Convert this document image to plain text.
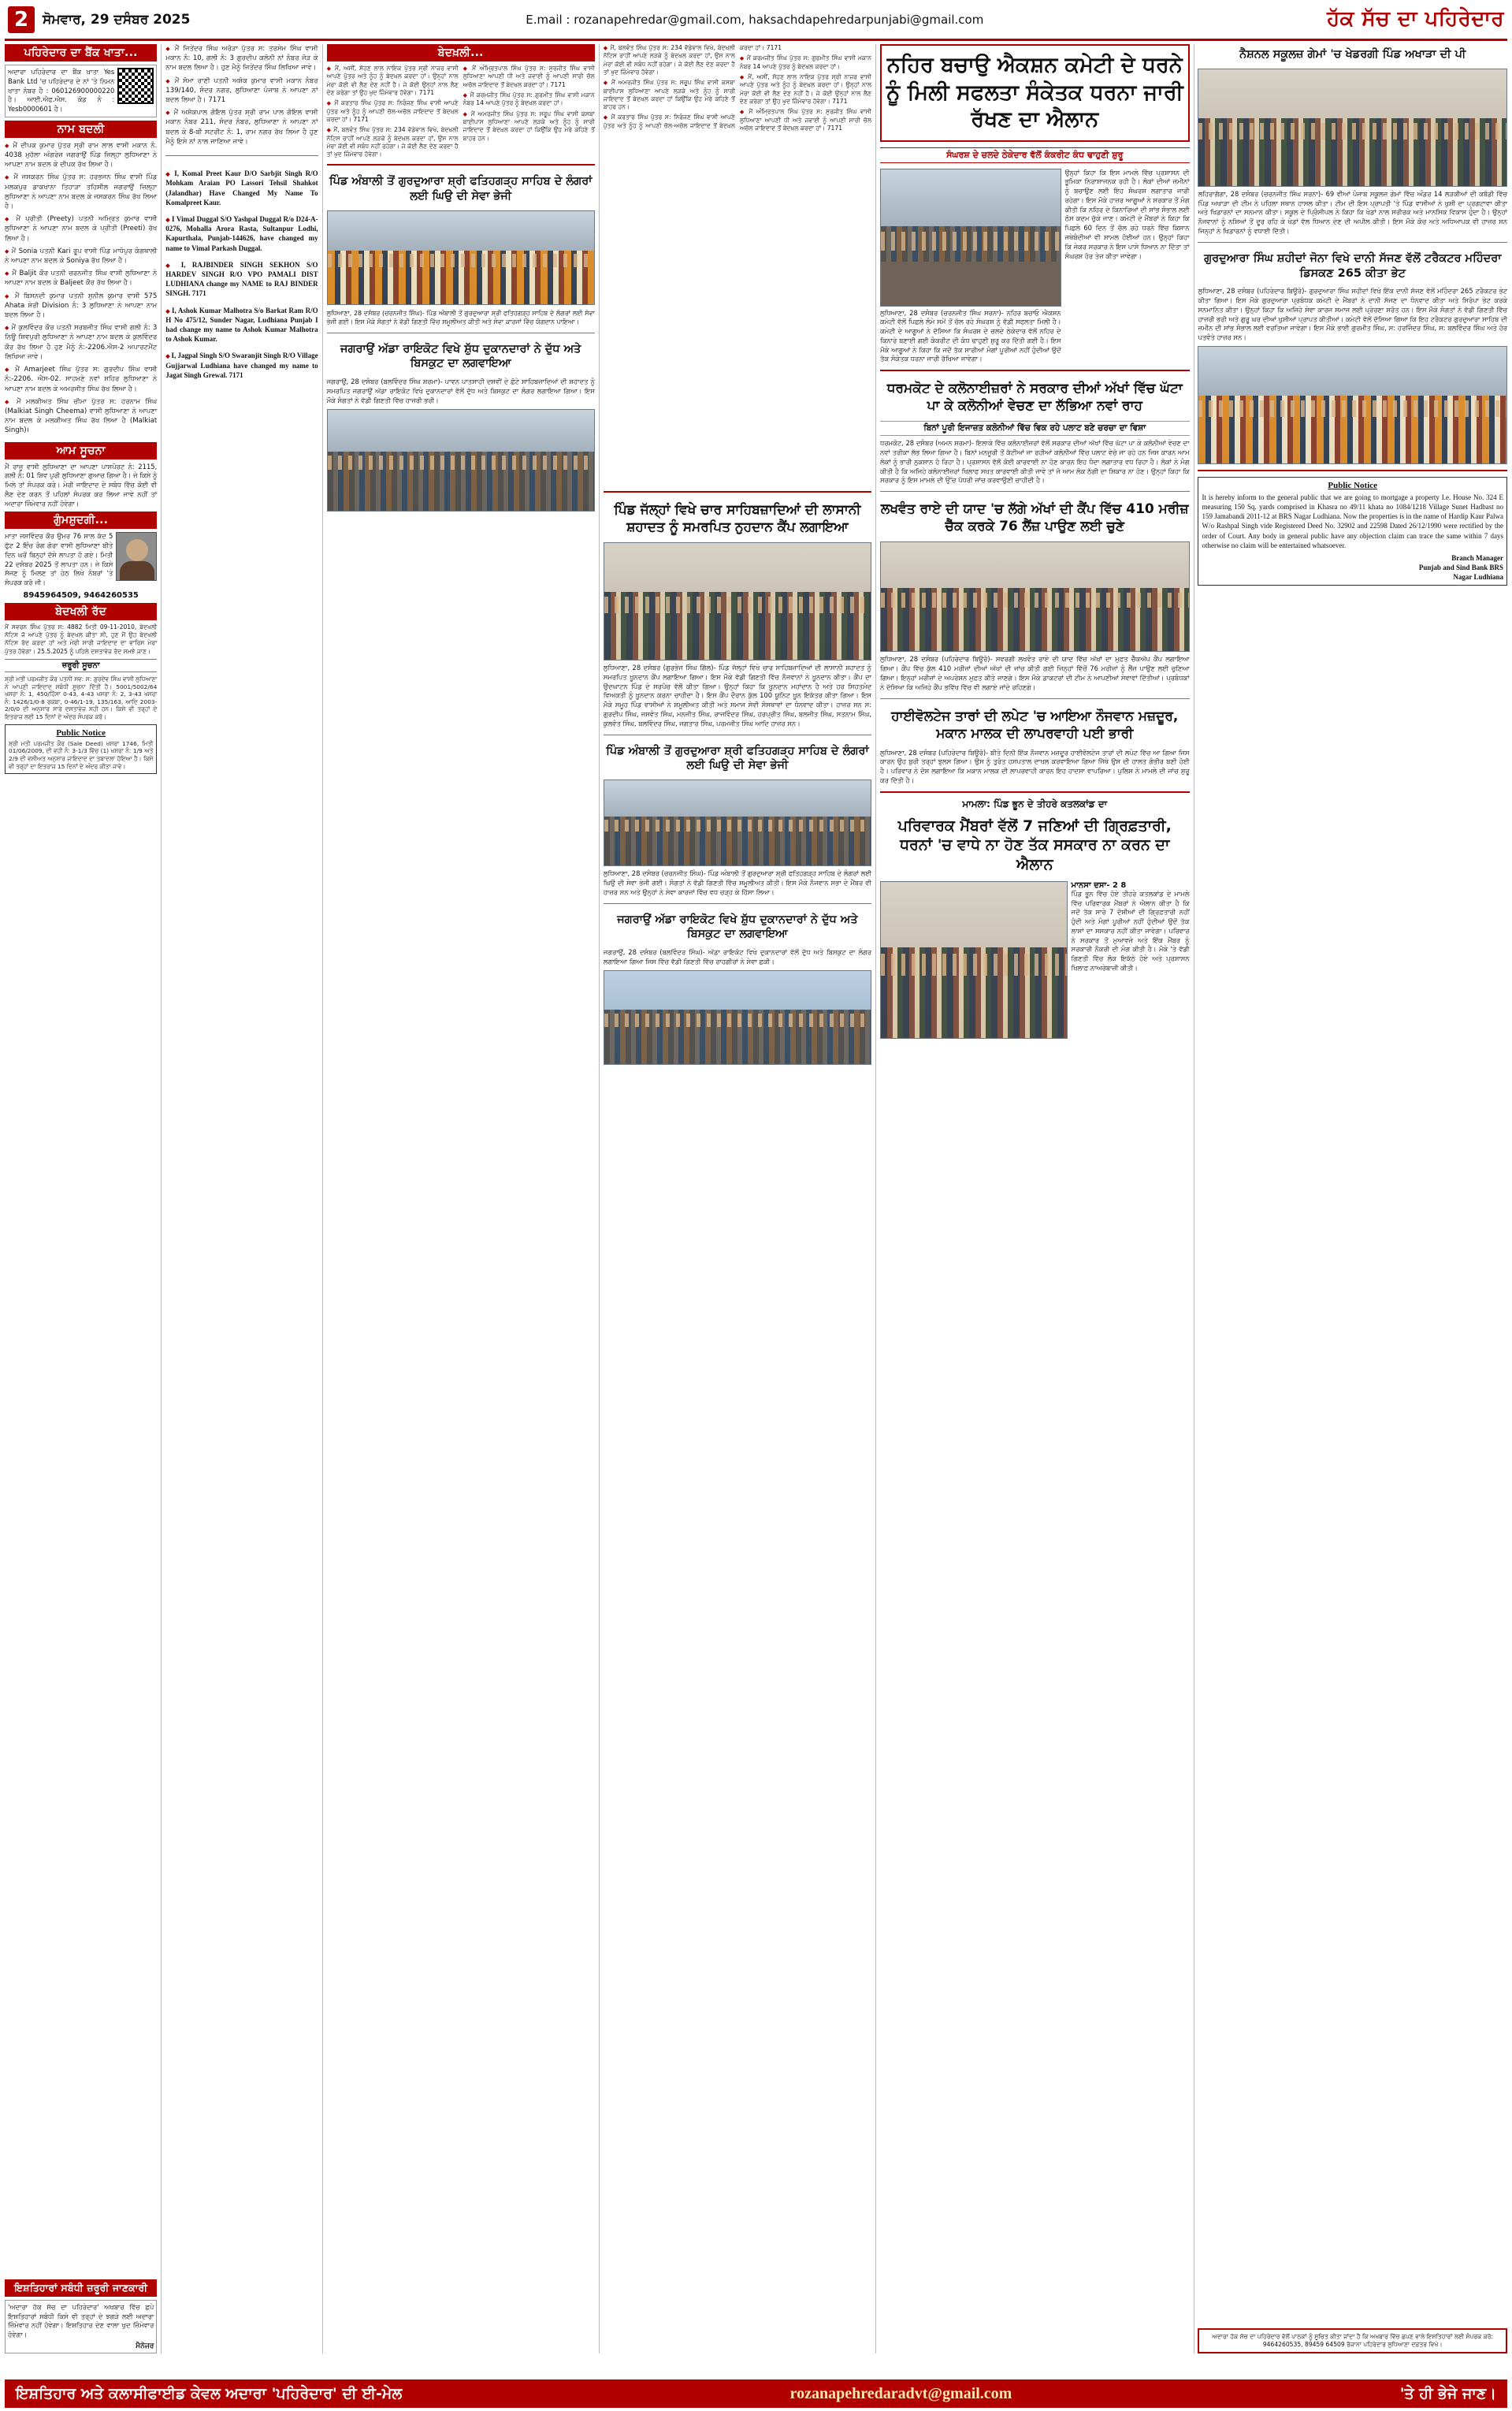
2	ਸੋਮਵਾਰ, 29 ਦਸੰਬਰ 2025	E.mail : rozanapehredar@gmail.com, haksachdapehredarpunjabi@gmail.com	ਹੱਕ ਸੱਚ ਦਾ ਪਹਿਰੇਦਾਰ
ਪਹਿਰੇਦਾਰ ਦਾ ਬੈਂਕ ਖਾਤਾ...
ਅਦਾਰਾ ਪਹਿਰੇਦਾਰ ਦਾ ਬੈਂਕ ਖਾਤਾ Yes Bank Ltd 'ਚ ਪਹਿਰੇਦਾਰ ਦੇ ਨਾਂ 'ਤੇ ਨਿਮਨ ਖਾਤਾ ਨੰਬਰ ਹੈ : 060126900000220 ਹੈ। ਆਈ.ਐਫ.ਐਸ. ਕੋਡ ਨੰ : Yesb0000601 ਹੈ।
ਨਾਮ ਬਦਲੀ

◆ ਮੈਂ ਦੀਪਕ ਕੁਮਾਰ ਪੁੱਤਰ ਸ੍ਰੀ ਰਾਮ ਲਾਲ ਵਾਸੀ ਮਕਾਨ ਨੰ. 4038 ਮੁਹੱਲਾ ਅੰਗਰੇਜ਼ ਜਗਰਾਉਂ ਪਿੰਡ ਜ਼ਿਲ੍ਹਾ ਲੁਧਿਆਣਾ ਨੇ ਆਪਣਾ ਨਾਮ ਬਦਲ ਕੇ ਦੀਪਕ ਰੱਖ ਲਿਆ ਹੈ।

◆ ਮੈਂ ਜਸਕਰਨ ਸਿੰਘ ਪੁੱਤਰ ਸ: ਹਰਭਜਨ ਸਿੰਘ ਵਾਸੀ ਪਿੰਡ ਮਲਕਪੁਰ ਡਾਕਖਾਨਾ ਤਿਹਾੜਾ ਤਹਿਸੀਲ ਜਗਰਾਉਂ ਜ਼ਿਲ੍ਹਾ ਲੁਧਿਆਣਾ ਨੇ ਆਪਣਾ ਨਾਮ ਬਦਲ ਕੇ ਜਸਕਰਨ ਸਿੰਘ ਰੱਖ ਲਿਆ ਹੈ।

◆ ਮੈਂ ਪ੍ਰੀਤੀ (Preety) ਪਤਨੀ ਅਮ੍ਰਿਤ ਕੁਮਾਰ ਵਾਸੀ ਲੁਧਿਆਣਾ ਨੇ ਆਪਣਾ ਨਾਮ ਬਦਲ ਕੇ ਪ੍ਰੀਤੀ (Preeti) ਰੱਖ ਲਿਆ ਹੈ।

◆ ਮੈਂ Sonia ਪਤਨੀ Kari ਰੂਪ ਵਾਸੀ ਪਿੰਡ ਮਾਧੋਪੁਰ ਕੰਗਥਾਲੀ ਨੇ ਆਪਣਾ ਨਾਮ ਬਦਲ ਕੇ Soniya ਰੱਖ ਲਿਆ ਹੈ।

◆ ਮੈਂ Baljit ਕੌਰ ਪਤਨੀ ਚਰਨਜੀਤ ਸਿੰਘ ਵਾਸੀ ਲੁਧਿਆਣਾ ਨੇ ਆਪਣਾ ਨਾਮ ਬਦਲ ਕੇ Baljeet ਕੌਰ ਰੱਖ ਲਿਆ ਹੈ।

◆ ਮੈਂ ਬਿਸਨਦੀ ਕੁਮਾਰ ਪਤਨੀ ਸੁਨੀਲ ਕੁਮਾਰ ਵਾਸੀ 575 Ahata ਸ਼ੇਰੀ Division ਨੰ: 3 ਲੁਧਿਆਣਾ ਨੇ ਆਪਣਾ ਨਾਮ ਬਦਲ ਲਿਆ ਹੈ।

◆ ਮੈਂ ਕੁਲਵਿੰਦਰ ਕੌਰ ਪਤਨੀ ਸਰਬਜੀਤ ਸਿੰਘ ਵਾਸੀ ਗਲੀ ਨੰ: 3 ਨਿਊ ਸ਼ਿਵਪੁਰੀ ਲੁਧਿਆਣਾ ਨੇ ਆਪਣਾ ਨਾਮ ਬਦਲ ਕੇ ਕੁਲਵਿੰਦਰ ਕੌਰ ਰੱਖ ਲਿਆ ਹੈ ਹੁਣ ਮੈਨੂੰ ਨੰ:-2206.ਐਸ-2 ਅਪਾਰਟਮੈਂਟ ਲਿਖਿਆ ਜਾਵੇ।

◆ ਮੈਂ Amarjeet ਸਿੰਘ ਪੁੱਤਰ ਸ: ਗੁਰਦੀਪ ਸਿੰਘ ਵਾਸੀ ਨੰ:-2206. ਐਸ-02. ਸਾਹਮਣੇ ਨਵਾਂ ਸ਼ਹਿਰ ਲੁਧਿਆਣਾ ਨੇ ਆਪਣਾ ਨਾਮ ਬਦਲ ਕੇ ਅਮਰਜੀਤ ਸਿੰਘ ਰੱਖ ਲਿਆ ਹੈ।

◆ ਮੈਂ ਮਲਕੀਅਤ ਸਿੰਘ ਚੀਮਾ ਪੁੱਤਰ ਸ: ਹਰਨਾਮ ਸਿੰਘ (Malkiat Singh Cheema) ਵਾਸੀ ਲੁਧਿਆਣਾ ਨੇ ਆਪਣਾ ਨਾਮ ਬਦਲ ਕੇ ਮਲਕੀਅਤ ਸਿੰਘ ਰੱਖ ਲਿਆ ਹੈ (Malkiat Singh)।

ਆਮ ਸੂਚਨਾ
ਮੈਂ ਰਾਜੂ ਵਾਸੀ ਲੁਧਿਆਣਾ ਦਾ ਆਪਣਾ ਪਾਸਪੋਰਟ ਨੰ: 2115, ਗਲੀ ਨੰ: 01 ਸ਼ਿਵ ਪੁਰੀ ਲੁਧਿਆਣਾ ਗੁਆਚ ਗਿਆ ਹੈ। ਜੇ ਕਿਸੇ ਨੂੰ ਮਿਲੇ ਤਾਂ ਸੰਪਰਕ ਕਰੇ। ਮੇਰੀ ਜਾਇਦਾਦ ਦੇ ਸਬੰਧ ਵਿੱਚ ਕੋਈ ਵੀ ਲੈਣ ਦੇਣ ਕਰਨ ਤੋਂ ਪਹਿਲਾਂ ਸੰਪਰਕ ਕਰ ਲਿਆ ਜਾਵੇ ਨਹੀਂ ਤਾਂ ਅਦਾਰਾ ਜ਼ਿੰਮੇਵਾਰ ਨਹੀਂ ਹੋਵੇਗਾ।
ਗੁੰਮਸ਼ੁਦਗੀ...
ਮਾਤਾ ਜਸਵਿੰਦਰ ਕੌਰ ਉਮਰ 76 ਸਾਲ ਕੱਦ 5 ਫੁੱਟ 2 ਇੰਚ ਰੰਗ ਗੋਰਾ ਵਾਸੀ ਲੁਧਿਆਣਾ ਬੀਤੇ ਦਿਨ ਘਰੋਂ ਬਿਨ੍ਹਾਂ ਦੱਸੇ ਲਾਪਤਾ ਹੋ ਗਏ। ਮਿਤੀ 22 ਦਸੰਬਰ 2025 ਤੋਂ ਲਾਪਤਾ ਹਨ। ਜੇ ਕਿਸੇ ਸੱਜਣ ਨੂੰ ਮਿਲਣ ਤਾਂ ਹੇਠ ਲਿਖੇ ਨੰਬਰਾਂ 'ਤੇ ਸੰਪਰਕ ਕਰੋ ਜੀ।
8945964509, 9464260535
ਬੇਦਖਲੀ ਰੱਦ
ਮੈਂ ਸਵਰਨ ਸਿੰਘ ਪੁੱਤਰ ਸ: 4882 ਮਿਤੀ 09-11-2010, ਬੇਦਖਲੀ ਨੋਟਿਸ ਜੋ ਆਪਣੇ ਪੁੱਤਰ ਨੂੰ ਬੇਦਖਲ ਕੀਤਾ ਸੀ, ਹੁਣ ਮੈਂ ਉਹ ਬੇਦਖਲੀ ਨੋਟਿਸ ਰੱਦ ਕਰਦਾ ਹਾਂ ਅਤੇ ਮੇਰੀ ਸਾਰੀ ਜਾਇਦਾਦ ਦਾ ਵਾਰਿਸ ਮੇਰਾ ਪੁੱਤਰ ਹੋਵੇਗਾ। 25.5.2025 ਨੂੰ ਪਹਿਲੇ ਦਸਤਾਵੇਜ਼ ਰੱਦ ਸਮਝੇ ਜਾਣ।
ਜ਼ਰੂਰੀ ਸੂਚਨਾ
ਸ਼੍ਰੀ ਮਤੀ ਪਰਮਜੀਤ ਕੌਰ ਪਤਨੀ ਸਵ: ਸ: ਗੁਰਦੇਵ ਸਿੰਘ ਵਾਸੀ ਲੁਧਿਆਣਾ ਨੇ ਆਪਣੀ ਜਾਇਦਾਦ ਸਬੰਧੀ ਸੂਚਨਾ ਦਿੱਤੀ ਹੈ। 5001/5002/64 ਖਸਰਾ ਨੰ: 1, 450/ਹਿੱਸਾ 0-43, 4-43 ਖਸਰਾ ਨੰ: 2, 3-43 ਖਸਰਾ ਨੰ: 1426/1/0-8 ਰਕਬਾ, 0-46/1-19, 135/163, ਆਦਿ 2003-2/0/0 ਦੀ ਅਨੁਸਾਰ ਸਾਰੇ ਦਸਤਾਵੇਜ਼ ਸਹੀ ਹਨ। ਕਿਸੇ ਵੀ ਤਰ੍ਹਾਂ ਦੇ ਇਤਰਾਜ਼ ਲਈ 15 ਦਿਨਾਂ ਦੇ ਅੰਦਰ ਸੰਪਰਕ ਕਰੋ।
Public Notice
ਸ਼੍ਰੀ ਮਤੀ ਪਰਮਜੀਤ ਕੌਰ (Sale Deed) ਖਸਰਾ 1746, ਮਿਤੀ 01/06/2009, ਦੀ ਵਹੀ ਨੰ: 3-1/3 ਵਿੱਚ (1) ਖਸਰਾ ਨੰ: 1/9 ਅਤੇ 2/9 ਦੀ ਵਸੀਅਤ ਅਨੁਸਾਰ ਜਾਇਦਾਦ ਦਾ ਤਬਾਦਲਾ ਹੋਇਆ ਹੈ। ਕਿਸੇ ਵੀ ਤਰ੍ਹਾਂ ਦਾ ਇਤਰਾਜ਼ 15 ਦਿਨਾਂ ਦੇ ਅੰਦਰ ਕੀਤਾ ਜਾਵੇ।
ਇਸ਼ਤਿਹਾਰਾਂ ਸਬੰਧੀ ਜ਼ਰੂਰੀ ਜਾਣਕਾਰੀ
'ਅਦਾਰਾ ਹੱਕ ਸੱਚ ਦਾ ਪਹਿਰੇਦਾਰ' ਅਖਬਾਰ ਵਿੱਚ ਛਪੇ ਇਸ਼ਤਿਹਾਰਾਂ ਸਬੰਧੀ ਕਿਸੇ ਵੀ ਤਰ੍ਹਾਂ ਦੇ ਝਗੜੇ ਲਈ ਅਦਾਰਾ ਜ਼ਿੰਮੇਵਾਰ ਨਹੀਂ ਹੋਵੇਗਾ। ਇਸ਼ਤਿਹਾਰ ਦੇਣ ਵਾਲਾ ਖੁਦ ਜ਼ਿੰਮੇਵਾਰ ਹੋਵੇਗਾ।
ਮੈਨੇਜਰ

◆ ਮੈਂ ਜਿਤੇਂਦਰ ਸਿੰਘ ਅਰੋੜਾ ਪੁੱਤਰ ਸ: ਤਰਸੇਮ ਸਿੰਘ ਵਾਸੀ ਮਕਾਨ ਨੰ: 10, ਗਲੀ ਨੰ: 3 ਗੁਰਦੀਪ ਕਲੋਨੀ ਨਾਂ ਨੰਬਰ ਜੋੜ ਕੇ ਨਾਮ ਬਦਲ ਲਿਆ ਹੈ। ਹੁਣ ਮੈਨੂੰ ਜਿਤੇਂਦਰ ਸਿੰਘ ਲਿਖਿਆ ਜਾਵੇ।

◆ ਮੈਂ ਸੋਮਾ ਰਾਣੀ ਪਤਨੀ ਅਸ਼ੋਕ ਕੁਮਾਰ ਵਾਸੀ ਮਕਾਨ ਨੰਬਰ 139/140, ਸੰਦਰ ਨਗਰ, ਲੁਧਿਆਣਾ ਪੰਜਾਬ ਨੇ ਆਪਣਾ ਨਾਂ ਬਦਲ ਲਿਆ ਹੈ। 7171

◆ ਮੈਂ ਅਸ਼ੋਕਪਾਲ ਗੋਇਲ ਪੁੱਤਰ ਸ਼੍ਰੀ ਰਾਮ ਪਾਲ ਗੋਇਲ ਵਾਸੀ ਮਕਾਨ ਨੰਬਰ 211, ਸੰਦਰ ਨੰਬਰ, ਲੁਧਿਆਣਾ ਨੇ ਆਪਣਾ ਨਾਂ ਬਦਲ ਕੇ 8-ਬੀ ਸਟਰੀਟ ਨੰ: 1, ਰਾਮ ਨਗਰ ਰੱਖ ਲਿਆ ਹੈ ਹੁਣ ਮੈਨੂੰ ਇਸੇ ਨਾਂ ਨਾਲ ਜਾਣਿਆ ਜਾਵੇ।

◆ I, Komal Preet Kaur D/O Sarbjit Singh R/O Mohkam Araian PO Lassori Tehsil Shahkot (Jalandhar) Have Changed My Name To Komalpreet Kaur.

◆ I Vimal Duggal S/O Yashpal Duggal R/o D24-A-0276, Mohalla Arora Rasta, Sultanpur Lodhi, Kapurthala, Punjab-144626, have changed my name to Vimal Parkash Duggal.

◆ I, RAJBINDER SINGH SEKHON S/O HARDEV SINGH R/O VPO PAMALI DIST LUDHIANA change my NAME to RAJ BINDER SINGH. 7171

◆ I, Ashok Kumar Malhotra S/o Barkat Ram R/O H No 475/12, Sunder Nagar, Ludhiana Punjab I had change my name to Ashok Kumar Malhotra to Ashok Kumar.

◆ I, Jagpal Singh S/O Swaranjit Singh R/O Village Gujjarwal Ludhiana have changed my name to Jagat Singh Grewal. 7171

ਬੇਦਖ਼ਲੀ...

◆ ਮੈਂ, ਅਸੀਂ, ਸੋਹਣ ਲਾਲ ਨਾਇਕ ਪੁੱਤਰ ਸ੍ਰੀ ਨਾਜਰ ਵਾਸੀ ਆਪਣੇ ਪੁੱਤਰ ਅਤੇ ਨੂੰਹ ਨੂੰ ਬੇਦਖ਼ਲ ਕਰਦਾ ਹਾਂ। ਉਨ੍ਹਾਂ ਨਾਲ ਮੇਰਾ ਕੋਈ ਵੀ ਲੈਣ ਦੇਣ ਨਹੀਂ ਹੈ। ਜੇ ਕੋਈ ਉਨ੍ਹਾਂ ਨਾਲ ਲੈਣ ਦੇਣ ਕਰੇਗਾ ਤਾਂ ਉਹ ਖੁਦ ਜ਼ਿੰਮੇਵਾਰ ਹੋਵੇਗਾ। 7171

◆ ਮੈਂ ਕਰਤਾਰ ਸਿੰਘ ਪੁੱਤਰ ਸ: ਨਿਰੰਜਣ ਸਿੰਘ ਵਾਸੀ ਆਪਣੇ ਪੁੱਤਰ ਅਤੇ ਨੂੰਹ ਨੂੰ ਆਪਣੀ ਚੱਲ-ਅਚੱਲ ਜਾਇਦਾਦ ਤੋਂ ਬੇਦਖ਼ਲ ਕਰਦਾ ਹਾਂ। 7171

◆ ਮੈਂ, ਬਲਵੰਤ ਸਿੰਘ ਪੁੱਤਰ ਸ: 234 ਵੱਡੇਵਾਲ ਵਿਖੇ, ਬੇਦਖ਼ਲੀ ਨੋਟਿਸ ਰਾਹੀਂ ਆਪਣੇ ਲੜਕੇ ਨੂੰ ਬੇਦਖ਼ਲ ਕਰਦਾ ਹਾਂ, ਉਸ ਨਾਲ ਮੇਰਾ ਕੋਈ ਵੀ ਸਬੰਧ ਨਹੀਂ ਰਹੇਗਾ। ਜੇ ਕੋਈ ਲੈਣ ਦੇਣ ਕਰਦਾ ਹੈ ਤਾਂ ਖੁਦ ਜ਼ਿੰਮੇਵਾਰ ਹੋਵੇਗਾ।

◆ ਮੈਂ ਅੰਮ੍ਰਿਤਪਾਲ ਸਿੰਘ ਪੁੱਤਰ ਸ: ਸੁਰਜੀਤ ਸਿੰਘ ਵਾਸੀ ਲੁਧਿਆਣਾ ਆਪਣੀ ਧੀ ਅਤੇ ਜਵਾਈ ਨੂੰ ਆਪਣੀ ਸਾਰੀ ਚੱਲ ਅਚੱਲ ਜਾਇਦਾਦ ਤੋਂ ਬੇਦਖ਼ਲ ਕਰਦਾ ਹਾਂ। 7171

◆ ਮੈਂ ਕਰਮਜੀਤ ਸਿੰਘ ਪੁੱਤਰ ਸ: ਗੁਰਮੀਤ ਸਿੰਘ ਵਾਸੀ ਮਕਾਨ ਨੰਬਰ 14 ਆਪਣੇ ਪੁੱਤਰ ਨੂੰ ਬੇਦਖ਼ਲ ਕਰਦਾ ਹਾਂ।

◆ ਮੈਂ ਅਮਰਜੀਤ ਸਿੰਘ ਪੁੱਤਰ ਸ: ਸਰੂਪ ਸਿੰਘ ਵਾਸੀ ਕਸਬਾ ਬਾਈਪਾਸ ਲੁਧਿਆਣਾ ਆਪਣੇ ਲੜਕੇ ਅਤੇ ਨੂੰਹ ਨੂੰ ਸਾਰੀ ਜਾਇਦਾਦ ਤੋਂ ਬੇਦਖ਼ਲ ਕਰਦਾ ਹਾਂ ਕਿਉਂਕਿ ਉਹ ਮੇਰੇ ਕਹਿਣੇ ਤੋਂ ਬਾਹਰ ਹਨ।

ਪਿੰਡ ਅੰਬਾਲੀ ਤੋਂ ਗੁਰਦੁਆਰਾ ਸ਼੍ਰੀ ਫਤਿਹਗੜ੍ਹ ਸਾਹਿਬ ਦੇ ਲੰਗਰਾਂ ਲਈ ਘਿਉ ਦੀ ਸੇਵਾ ਭੇਜੀ
ਲੁਧਿਆਣਾ, 28 ਦਸੰਬਰ (ਚਰਨਜੀਤ ਸਿੰਘ)- ਪਿੰਡ ਅੰਬਾਲੀ ਤੋਂ ਗੁਰਦੁਆਰਾ ਸ਼੍ਰੀ ਫਤਿਹਗੜ੍ਹ ਸਾਹਿਬ ਦੇ ਲੰਗਰਾਂ ਲਈ ਸੇਵਾ ਭੇਜੀ ਗਈ। ਇਸ ਮੌਕੇ ਸੰਗਤਾਂ ਨੇ ਵੱਡੀ ਗਿਣਤੀ ਵਿੱਚ ਸ਼ਮੂਲੀਅਤ ਕੀਤੀ ਅਤੇ ਸੇਵਾ ਕਾਰਜਾਂ ਵਿੱਚ ਯੋਗਦਾਨ ਪਾਇਆ।
ਜਗਰਾਉਂ ਅੱਡਾ ਰਾਇਕੋਟ ਵਿਖੇ ਸ਼ੁੱਧ ਦੁਕਾਨਦਾਰਾਂ ਨੇ ਦੁੱਧ ਅਤੇ ਬਿਸਕੁਟ ਦਾ ਲਗਵਾਇਆ
ਜਗਰਾਉਂ, 28 ਦਸੰਬਰ (ਬਲਵਿੰਦਰ ਸਿੰਘ ਸ਼ਰਮਾ)- ਪਾਵਨ ਪਾਤਸ਼ਾਹੀ ਦਸਵੀਂ ਦੇ ਛੋਟੇ ਸਾਹਿਬਜ਼ਾਦਿਆਂ ਦੀ ਸ਼ਹਾਦਤ ਨੂੰ ਸਮਰਪਿਤ ਜਗਰਾਉਂ ਅੱਡਾ ਰਾਇਕੋਟ ਵਿਖੇ ਦੁਕਾਨਦਾਰਾਂ ਵੱਲੋਂ ਦੁੱਧ ਅਤੇ ਬਿਸਕੁਟ ਦਾ ਲੰਗਰ ਲਗਾਇਆ ਗਿਆ। ਇਸ ਮੌਕੇ ਸੰਗਤਾਂ ਨੇ ਵੱਡੀ ਗਿਣਤੀ ਵਿੱਚ ਹਾਜ਼ਰੀ ਭਰੀ।

◆ ਮੈਂ, ਬਲਵੰਤ ਸਿੰਘ ਪੁੱਤਰ ਸ: 234 ਵੱਡੇਵਾਲ ਵਿਖੇ, ਬੇਦਖ਼ਲੀ ਨੋਟਿਸ ਰਾਹੀਂ ਆਪਣੇ ਲੜਕੇ ਨੂੰ ਬੇਦਖ਼ਲ ਕਰਦਾ ਹਾਂ, ਉਸ ਨਾਲ ਮੇਰਾ ਕੋਈ ਵੀ ਸਬੰਧ ਨਹੀਂ ਰਹੇਗਾ। ਜੇ ਕੋਈ ਲੈਣ ਦੇਣ ਕਰਦਾ ਹੈ ਤਾਂ ਖੁਦ ਜ਼ਿੰਮੇਵਾਰ ਹੋਵੇਗਾ।

◆ ਮੈਂ ਅਮਰਜੀਤ ਸਿੰਘ ਪੁੱਤਰ ਸ: ਸਰੂਪ ਸਿੰਘ ਵਾਸੀ ਕਸਬਾ ਬਾਈਪਾਸ ਲੁਧਿਆਣਾ ਆਪਣੇ ਲੜਕੇ ਅਤੇ ਨੂੰਹ ਨੂੰ ਸਾਰੀ ਜਾਇਦਾਦ ਤੋਂ ਬੇਦਖ਼ਲ ਕਰਦਾ ਹਾਂ ਕਿਉਂਕਿ ਉਹ ਮੇਰੇ ਕਹਿਣੇ ਤੋਂ ਬਾਹਰ ਹਨ।

◆ ਮੈਂ ਕਰਤਾਰ ਸਿੰਘ ਪੁੱਤਰ ਸ: ਨਿਰੰਜਣ ਸਿੰਘ ਵਾਸੀ ਆਪਣੇ ਪੁੱਤਰ ਅਤੇ ਨੂੰਹ ਨੂੰ ਆਪਣੀ ਚੱਲ-ਅਚੱਲ ਜਾਇਦਾਦ ਤੋਂ ਬੇਦਖ਼ਲ ਕਰਦਾ ਹਾਂ। 7171

◆ ਮੈਂ ਕਰਮਜੀਤ ਸਿੰਘ ਪੁੱਤਰ ਸ: ਗੁਰਮੀਤ ਸਿੰਘ ਵਾਸੀ ਮਕਾਨ ਨੰਬਰ 14 ਆਪਣੇ ਪੁੱਤਰ ਨੂੰ ਬੇਦਖ਼ਲ ਕਰਦਾ ਹਾਂ।

◆ ਮੈਂ, ਅਸੀਂ, ਸੋਹਣ ਲਾਲ ਨਾਇਕ ਪੁੱਤਰ ਸ੍ਰੀ ਨਾਜਰ ਵਾਸੀ ਆਪਣੇ ਪੁੱਤਰ ਅਤੇ ਨੂੰਹ ਨੂੰ ਬੇਦਖ਼ਲ ਕਰਦਾ ਹਾਂ। ਉਨ੍ਹਾਂ ਨਾਲ ਮੇਰਾ ਕੋਈ ਵੀ ਲੈਣ ਦੇਣ ਨਹੀਂ ਹੈ। ਜੇ ਕੋਈ ਉਨ੍ਹਾਂ ਨਾਲ ਲੈਣ ਦੇਣ ਕਰੇਗਾ ਤਾਂ ਉਹ ਖੁਦ ਜ਼ਿੰਮੇਵਾਰ ਹੋਵੇਗਾ। 7171

◆ ਮੈਂ ਅੰਮ੍ਰਿਤਪਾਲ ਸਿੰਘ ਪੁੱਤਰ ਸ: ਸੁਰਜੀਤ ਸਿੰਘ ਵਾਸੀ ਲੁਧਿਆਣਾ ਆਪਣੀ ਧੀ ਅਤੇ ਜਵਾਈ ਨੂੰ ਆਪਣੀ ਸਾਰੀ ਚੱਲ ਅਚੱਲ ਜਾਇਦਾਦ ਤੋਂ ਬੇਦਖ਼ਲ ਕਰਦਾ ਹਾਂ। 7171

ਪਿੰਡ ਜੱਲ੍ਹਾਂ ਵਿਖੇ ਚਾਰ ਸਾਹਿਬਜ਼ਾਦਿਆਂ ਦੀ ਲਾਸਾਨੀ ਸ਼ਹਾਦਤ ਨੂੰ ਸਮਰਪਿਤ ਨੁਹਦਾਨ ਕੈਂਪ ਲਗਾਇਆ
ਲੁਧਿਆਣਾ, 28 ਦਸੰਬਰ (ਗੁਰਭੇਜ ਸਿੰਘ ਗਿੱਲ)- ਪਿੰਡ ਜੱਲ੍ਹਾਂ ਵਿਖੇ ਚਾਰ ਸਾਹਿਬਜ਼ਾਦਿਆਂ ਦੀ ਲਾਸਾਨੀ ਸ਼ਹਾਦਤ ਨੂੰ ਸਮਰਪਿਤ ਖ਼ੂਨਦਾਨ ਕੈਂਪ ਲਗਾਇਆ ਗਿਆ। ਇਸ ਮੌਕੇ ਵੱਡੀ ਗਿਣਤੀ ਵਿੱਚ ਨੌਜਵਾਨਾਂ ਨੇ ਖ਼ੂਨਦਾਨ ਕੀਤਾ। ਕੈਂਪ ਦਾ ਉਦਘਾਟਨ ਪਿੰਡ ਦੇ ਸਰਪੰਚ ਵੱਲੋਂ ਕੀਤਾ ਗਿਆ। ਉਨ੍ਹਾਂ ਕਿਹਾ ਕਿ ਖ਼ੂਨਦਾਨ ਮਹਾਂਦਾਨ ਹੈ ਅਤੇ ਹਰ ਸਿਹਤਮੰਦ ਵਿਅਕਤੀ ਨੂੰ ਖ਼ੂਨਦਾਨ ਕਰਨਾ ਚਾਹੀਦਾ ਹੈ। ਇਸ ਕੈਂਪ ਦੌਰਾਨ ਕੁੱਲ 100 ਯੂਨਿਟ ਖ਼ੂਨ ਇਕੱਤਰ ਕੀਤਾ ਗਿਆ। ਇਸ ਮੌਕੇ ਸਮੂਹ ਪਿੰਡ ਵਾਸੀਆਂ ਨੇ ਸ਼ਮੂਲੀਅਤ ਕੀਤੀ ਅਤੇ ਸਮਾਜ ਸੇਵੀ ਸੰਸਥਾਵਾਂ ਦਾ ਧੰਨਵਾਦ ਕੀਤਾ। ਹਾਜ਼ਰ ਸਨ ਸ: ਗੁਰਦੀਪ ਸਿੰਘ, ਜਸਵੰਤ ਸਿੰਘ, ਮਨਜੀਤ ਸਿੰਘ, ਰਾਜਵਿੰਦਰ ਸਿੰਘ, ਹਰਪ੍ਰੀਤ ਸਿੰਘ, ਬਲਜੀਤ ਸਿੰਘ, ਸਤਨਾਮ ਸਿੰਘ, ਕੁਲਵੰਤ ਸਿੰਘ, ਬਲਵਿੰਦਰ ਸਿੰਘ, ਜਗਤਾਰ ਸਿੰਘ, ਪਰਮਜੀਤ ਸਿੰਘ ਆਦਿ ਹਾਜ਼ਰ ਸਨ।
ਪਿੰਡ ਅੰਬਾਲੀ ਤੋਂ ਗੁਰਦੁਆਰਾ ਸ਼੍ਰੀ ਫਤਿਹਗੜ੍ਹ ਸਾਹਿਬ ਦੇ ਲੰਗਰਾਂ ਲਈ ਘਿਉ ਦੀ ਸੇਵਾ ਭੇਜੀ
ਲੁਧਿਆਣਾ, 28 ਦਸੰਬਰ (ਚਰਨਜੀਤ ਸਿੰਘ)- ਪਿੰਡ ਅੰਬਾਲੀ ਤੋਂ ਗੁਰਦੁਆਰਾ ਸ਼੍ਰੀ ਫਤਿਹਗੜ੍ਹ ਸਾਹਿਬ ਦੇ ਲੰਗਰਾਂ ਲਈ ਘਿਉ ਦੀ ਸੇਵਾ ਭੇਜੀ ਗਈ। ਸੰਗਤਾਂ ਨੇ ਵੱਡੀ ਗਿਣਤੀ ਵਿੱਚ ਸ਼ਮੂਲੀਅਤ ਕੀਤੀ। ਇਸ ਮੌਕੇ ਨੌਜਵਾਨ ਸਭਾ ਦੇ ਮੈਂਬਰ ਵੀ ਹਾਜ਼ਰ ਸਨ ਅਤੇ ਉਨ੍ਹਾਂ ਨੇ ਸੇਵਾ ਕਾਰਜਾਂ ਵਿੱਚ ਵਧ ਚੜ੍ਹ ਕੇ ਹਿੱਸਾ ਲਿਆ।
ਜਗਰਾਉਂ ਅੱਡਾ ਰਾਇਕੋਟ ਵਿਖੇ ਸ਼ੁੱਧ ਦੁਕਾਨਦਾਰਾਂ ਨੇ ਦੁੱਧ ਅਤੇ ਬਿਸਕੁਟ ਦਾ ਲਗਵਾਇਆ
ਜਗਰਾਉਂ, 28 ਦਸੰਬਰ (ਬਲਵਿੰਦਰ ਸਿੰਘ)- ਅੱਡਾ ਰਾਇਕੋਟ ਵਿਖੇ ਦੁਕਾਨਦਾਰਾਂ ਵੱਲੋਂ ਦੁੱਧ ਅਤੇ ਬਿਸਕੁਟ ਦਾ ਲੰਗਰ ਲਗਾਇਆ ਗਿਆ ਜਿਸ ਵਿੱਚ ਵੱਡੀ ਗਿਣਤੀ ਵਿੱਚ ਰਾਹਗੀਰਾਂ ਨੇ ਸੇਵਾ ਛਕੀ।
ਨਹਿਰ ਬਚਾਉ ਐਕਸ਼ਨ ਕਮੇਟੀ ਦੇ ਧਰਨੇ ਨੂੰ ਮਿਲੀ ਸਫਲਤਾ ਸੰਕੇਤਕ ਧਰਨਾ ਜਾਰੀ ਰੱਖਣ ਦਾ ਐਲਾਨ
ਸੰਘਰਸ਼ ਦੇ ਚਲਦੇ ਠੇਕੇਦਾਰ ਵੱਲੋਂ ਕੰਕਰੀਟ ਕੰਧ ਢਾਹੁਣੀ ਸ਼ੁਰੂ
ਲੁਧਿਆਣਾ, 28 ਦਸੰਬਰ (ਚਰਨਜੀਤ ਸਿੰਘ ਸਰਨਾ)- ਨਹਿਰ ਬਚਾਓ ਐਕਸ਼ਨ ਕਮੇਟੀ ਵੱਲੋਂ ਪਿਛਲੇ ਲੰਮੇ ਸਮੇਂ ਤੋਂ ਚੱਲ ਰਹੇ ਸੰਘਰਸ਼ ਨੂੰ ਵੱਡੀ ਸਫਲਤਾ ਮਿਲੀ ਹੈ। ਕਮੇਟੀ ਦੇ ਆਗੂਆਂ ਨੇ ਦੱਸਿਆ ਕਿ ਸੰਘਰਸ਼ ਦੇ ਚਲਦੇ ਠੇਕੇਦਾਰ ਵੱਲੋਂ ਨਹਿਰ ਦੇ ਕਿਨਾਰੇ ਬਣਾਈ ਗਈ ਕੰਕਰੀਟ ਦੀ ਕੰਧ ਢਾਹੁਣੀ ਸ਼ੁਰੂ ਕਰ ਦਿੱਤੀ ਗਈ ਹੈ। ਇਸ ਮੌਕੇ ਆਗੂਆਂ ਨੇ ਕਿਹਾ ਕਿ ਜਦੋਂ ਤੱਕ ਸਾਰੀਆਂ ਮੰਗਾਂ ਪੂਰੀਆਂ ਨਹੀਂ ਹੁੰਦੀਆਂ ਉਦੋਂ ਤੱਕ ਸੰਕੇਤਕ ਧਰਨਾ ਜਾਰੀ ਰੱਖਿਆ ਜਾਵੇਗਾ।
ਉਨ੍ਹਾਂ ਕਿਹਾ ਕਿ ਇਸ ਮਾਮਲੇ ਵਿੱਚ ਪ੍ਰਸ਼ਾਸਨ ਦੀ ਭੂਮਿਕਾ ਨਿਰਾਸ਼ਾਜਨਕ ਰਹੀ ਹੈ। ਲੋਕਾਂ ਦੀਆਂ ਜ਼ਮੀਨਾਂ ਨੂੰ ਬਚਾਉਣ ਲਈ ਇਹ ਸੰਘਰਸ਼ ਲਗਾਤਾਰ ਜਾਰੀ ਰਹੇਗਾ। ਇਸ ਮੌਕੇ ਹਾਜ਼ਰ ਆਗੂਆਂ ਨੇ ਸਰਕਾਰ ਤੋਂ ਮੰਗ ਕੀਤੀ ਕਿ ਨਹਿਰ ਦੇ ਕਿਨਾਰਿਆਂ ਦੀ ਸਾਂਭ ਸੰਭਾਲ ਲਈ ਠੋਸ ਕਦਮ ਚੁੱਕੇ ਜਾਣ। ਕਮੇਟੀ ਦੇ ਮੈਂਬਰਾਂ ਨੇ ਕਿਹਾ ਕਿ ਪਿਛਲੇ 60 ਦਿਨ ਤੋਂ ਚੱਲ ਰਹੇ ਧਰਨੇ ਵਿੱਚ ਕਿਸਾਨ ਜਥੇਬੰਦੀਆਂ ਵੀ ਸ਼ਾਮਲ ਹੋਈਆਂ ਹਨ। ਉਨ੍ਹਾਂ ਕਿਹਾ ਕਿ ਜੇਕਰ ਸਰਕਾਰ ਨੇ ਇਸ ਪਾਸੇ ਧਿਆਨ ਨਾ ਦਿੱਤਾ ਤਾਂ ਸੰਘਰਸ਼ ਹੋਰ ਤੇਜ਼ ਕੀਤਾ ਜਾਵੇਗਾ।
ਧਰਮਕੋਟ ਦੇ ਕਲੋਨਾਈਜ਼ਰਾਂ ਨੇ ਸਰਕਾਰ ਦੀਆਂ ਅੱਖਾਂ ਵਿੱਚ ਘੱਟਾ ਪਾ ਕੇ ਕਲੋਨੀਆਂ ਵੇਚਣ ਦਾ ਲੱਭਿਆ ਨਵਾਂ ਰਾਹ
ਬਿਨਾਂ ਪੂਰੀ ਇਜਾਜ਼ਤ ਕਲੋਨੀਆਂ ਵਿੱਚ ਵਿਕ ਰਹੇ ਪਲਾਟ ਬਣੇ ਚਰਚਾ ਦਾ ਵਿਸ਼ਾ
ਧਰਮਕੋਟ, 28 ਦਸੰਬਰ (ਅਮਨ ਸ਼ਰਮਾ)- ਇਲਾਕੇ ਵਿੱਚ ਕਲੋਨਾਈਜ਼ਰਾਂ ਵੱਲੋਂ ਸਰਕਾਰ ਦੀਆਂ ਅੱਖਾਂ ਵਿੱਚ ਘੱਟਾ ਪਾ ਕੇ ਕਲੋਨੀਆਂ ਵੇਚਣ ਦਾ ਨਵਾਂ ਤਰੀਕਾ ਲੱਭ ਲਿਆ ਗਿਆ ਹੈ। ਬਿਨਾਂ ਮਨਜ਼ੂਰੀ ਤੋਂ ਕੱਟੀਆਂ ਜਾ ਰਹੀਆਂ ਕਲੋਨੀਆਂ ਵਿੱਚ ਪਲਾਟ ਵੇਚੇ ਜਾ ਰਹੇ ਹਨ ਜਿਸ ਕਾਰਨ ਆਮ ਲੋਕਾਂ ਨੂੰ ਭਾਰੀ ਨੁਕਸਾਨ ਹੋ ਰਿਹਾ ਹੈ। ਪ੍ਰਸ਼ਾਸਨ ਵੱਲੋਂ ਕੋਈ ਕਾਰਵਾਈ ਨਾ ਹੋਣ ਕਾਰਨ ਇਹ ਧੰਦਾ ਲਗਾਤਾਰ ਵਧ ਰਿਹਾ ਹੈ। ਲੋਕਾਂ ਨੇ ਮੰਗ ਕੀਤੀ ਹੈ ਕਿ ਅਜਿਹੇ ਕਲੋਨਾਈਜ਼ਰਾਂ ਖਿਲਾਫ ਸਖ਼ਤ ਕਾਰਵਾਈ ਕੀਤੀ ਜਾਵੇ ਤਾਂ ਜੋ ਆਮ ਲੋਕ ਠੱਗੀ ਦਾ ਸ਼ਿਕਾਰ ਨਾ ਹੋਣ। ਉਨ੍ਹਾਂ ਕਿਹਾ ਕਿ ਸਰਕਾਰ ਨੂੰ ਇਸ ਮਾਮਲੇ ਦੀ ਉੱਚ ਪੱਧਰੀ ਜਾਂਚ ਕਰਵਾਉਣੀ ਚਾਹੀਦੀ ਹੈ।
ਲਖਵੰਤ ਰਾਏ ਦੀ ਯਾਦ 'ਚ ਲੱਗੇ ਅੱਖਾਂ ਦੀ ਕੈਂਪ ਵਿੱਚ 410 ਮਰੀਜ਼ ਚੈੱਕ ਕਰਕੇ 76 ਲੈਂਜ਼ ਪਾਉਣ ਲਈ ਚੁਣੇ
ਲੁਧਿਆਣਾ, 28 ਦਸੰਬਰ (ਪਹਿਰੇਦਾਰ ਬਿਊਰੋ)- ਸਵਰਗੀ ਲਖਵੰਤ ਰਾਏ ਦੀ ਯਾਦ ਵਿੱਚ ਅੱਖਾਂ ਦਾ ਮੁਫ਼ਤ ਚੈੱਕਅੱਪ ਕੈਂਪ ਲਗਾਇਆ ਗਿਆ। ਕੈਂਪ ਵਿੱਚ ਕੁੱਲ 410 ਮਰੀਜ਼ਾਂ ਦੀਆਂ ਅੱਖਾਂ ਦੀ ਜਾਂਚ ਕੀਤੀ ਗਈ ਜਿਨ੍ਹਾਂ ਵਿੱਚੋਂ 76 ਮਰੀਜ਼ਾਂ ਨੂੰ ਲੈਂਜ਼ ਪਾਉਣ ਲਈ ਚੁਣਿਆ ਗਿਆ। ਇਨ੍ਹਾਂ ਮਰੀਜ਼ਾਂ ਦੇ ਅਪਰੇਸ਼ਨ ਮੁਫ਼ਤ ਕੀਤੇ ਜਾਣਗੇ। ਇਸ ਮੌਕੇ ਡਾਕਟਰਾਂ ਦੀ ਟੀਮ ਨੇ ਆਪਣੀਆਂ ਸੇਵਾਵਾਂ ਦਿੱਤੀਆਂ। ਪ੍ਰਬੰਧਕਾਂ ਨੇ ਦੱਸਿਆ ਕਿ ਅਜਿਹੇ ਕੈਂਪ ਭਵਿੱਖ ਵਿੱਚ ਵੀ ਲਗਾਏ ਜਾਂਦੇ ਰਹਿਣਗੇ।
ਹਾਈਵੋਲਟੇਜ ਤਾਰਾਂ ਦੀ ਲਪੇਟ 'ਚ ਆਇਆ ਨੌਜਵਾਨ ਮਜ਼ਦੂਰ, ਮਕਾਨ ਮਾਲਕ ਦੀ ਲਾਪਰਵਾਹੀ ਪਈ ਭਾਰੀ
ਲੁਧਿਆਣਾ, 28 ਦਸੰਬਰ (ਪਹਿਰੇਦਾਰ ਬਿਊਰੋ)- ਬੀਤੇ ਦਿਨੀ ਇੱਕ ਨੌਜਵਾਨ ਮਜ਼ਦੂਰ ਹਾਈਵੋਲਟੇਜ ਤਾਰਾਂ ਦੀ ਲਪੇਟ ਵਿੱਚ ਆ ਗਿਆ ਜਿਸ ਕਾਰਨ ਉਹ ਬੁਰੀ ਤਰ੍ਹਾਂ ਝੁਲਸ ਗਿਆ। ਉਸ ਨੂੰ ਤੁਰੰਤ ਹਸਪਤਾਲ ਦਾਖ਼ਲ ਕਰਵਾਇਆ ਗਿਆ ਜਿੱਥੇ ਉਸ ਦੀ ਹਾਲਤ ਗੰਭੀਰ ਬਣੀ ਹੋਈ ਹੈ। ਪਰਿਵਾਰ ਨੇ ਦੋਸ਼ ਲਗਾਇਆ ਕਿ ਮਕਾਨ ਮਾਲਕ ਦੀ ਲਾਪਰਵਾਹੀ ਕਾਰਨ ਇਹ ਹਾਦਸਾ ਵਾਪਰਿਆ। ਪੁਲਿਸ ਨੇ ਮਾਮਲੇ ਦੀ ਜਾਂਚ ਸ਼ੁਰੂ ਕਰ ਦਿੱਤੀ ਹੈ।
ਮਾਮਲਾ: ਪਿੰਡ ਭੂਨ ਦੇ ਤੀਹਰੇ ਕਤਲਕਾਂਡ ਦਾ
ਪਰਿਵਾਰਕ ਮੈਂਬਰਾਂ ਵੱਲੋਂ 7 ਜਣਿਆਂ ਦੀ ਗ੍ਰਿਫ਼ਤਾਰੀ, ਧਰਨਾਂ 'ਚ ਵਾਧੇ ਨਾ ਹੋਣ ਤੱਕ ਸਸਕਾਰ ਨਾ ਕਰਨ ਦਾ ਐਲਾਨ
ਮਾਨਸਾ ਦਸਾ- 2 8
ਪਿੰਡ ਭੂਨ ਵਿੱਚ ਹੋਏ ਤੀਹਰੇ ਕਤਲਕਾਂਡ ਦੇ ਮਾਮਲੇ ਵਿੱਚ ਪਰਿਵਾਰਕ ਮੈਂਬਰਾਂ ਨੇ ਐਲਾਨ ਕੀਤਾ ਹੈ ਕਿ ਜਦੋਂ ਤੱਕ ਸਾਰੇ 7 ਦੋਸ਼ੀਆਂ ਦੀ ਗ੍ਰਿਫ਼ਤਾਰੀ ਨਹੀਂ ਹੁੰਦੀ ਅਤੇ ਮੰਗਾਂ ਪੂਰੀਆਂ ਨਹੀਂ ਹੁੰਦੀਆਂ ਉਦੋਂ ਤੱਕ ਲਾਸ਼ਾਂ ਦਾ ਸਸਕਾਰ ਨਹੀਂ ਕੀਤਾ ਜਾਵੇਗਾ। ਪਰਿਵਾਰ ਨੇ ਸਰਕਾਰ ਤੋਂ ਮੁਆਵਜ਼ੇ ਅਤੇ ਇੱਕ ਮੈਂਬਰ ਨੂੰ ਸਰਕਾਰੀ ਨੌਕਰੀ ਦੀ ਮੰਗ ਕੀਤੀ ਹੈ। ਮੌਕੇ 'ਤੇ ਵੱਡੀ ਗਿਣਤੀ ਵਿੱਚ ਲੋਕ ਇਕੱਠੇ ਹੋਏ ਅਤੇ ਪ੍ਰਸ਼ਾਸਨ ਖਿਲਾਫ਼ ਨਾਅਰੇਬਾਜ਼ੀ ਕੀਤੀ।
ਨੈਸ਼ਨਲ ਸਕੂਲਜ਼ ਗੇਮਾਂ 'ਚ ਖੇਡਰਗੀ ਪਿੰਡ ਅਖਾੜਾ ਦੀ ਪੀ
ਲਹਿਰਾਗੱਗਾ, 28 ਦਸੰਬਰ (ਚਰਨਜੀਤ ਸਿੰਘ ਸਰਨਾ)- 69 ਵੀਆਂ ਪੰਜਾਬ ਸਕੂਲਜ਼ ਗੇਮਾਂ ਵਿੱਚ ਅੰਡਰ 14 ਲੜਕੀਆਂ ਦੀ ਕਬੱਡੀ ਵਿੱਚ ਪਿੰਡ ਅਖਾੜਾ ਦੀ ਟੀਮ ਨੇ ਪਹਿਲਾ ਸਥਾਨ ਹਾਸਲ ਕੀਤਾ। ਟੀਮ ਦੀ ਇਸ ਪ੍ਰਾਪਤੀ 'ਤੇ ਪਿੰਡ ਵਾਸੀਆਂ ਨੇ ਖੁਸ਼ੀ ਦਾ ਪ੍ਰਗਟਾਵਾ ਕੀਤਾ ਅਤੇ ਖਿਡਾਰਨਾਂ ਦਾ ਸਨਮਾਨ ਕੀਤਾ। ਸਕੂਲ ਦੇ ਪ੍ਰਿੰਸੀਪਲ ਨੇ ਕਿਹਾ ਕਿ ਖੇਡਾਂ ਨਾਲ ਸਰੀਰਕ ਅਤੇ ਮਾਨਸਿਕ ਵਿਕਾਸ ਹੁੰਦਾ ਹੈ। ਉਨ੍ਹਾਂ ਨੌਜਵਾਨਾਂ ਨੂੰ ਨਸ਼ਿਆਂ ਤੋਂ ਦੂਰ ਰਹਿ ਕੇ ਖੇਡਾਂ ਵੱਲ ਧਿਆਨ ਦੇਣ ਦੀ ਅਪੀਲ ਕੀਤੀ। ਇਸ ਮੌਕੇ ਕੋਚ ਅਤੇ ਅਧਿਆਪਕ ਵੀ ਹਾਜ਼ਰ ਸਨ ਜਿਨ੍ਹਾਂ ਨੇ ਖਿਡਾਰਨਾਂ ਨੂੰ ਵਧਾਈ ਦਿੱਤੀ।
ਗੁਰਦੁਆਰਾ ਸਿੰਘ ਸ਼ਹੀਦਾਂ ਜੋਨਾ ਵਿਖੇ ਦਾਨੀ ਸੱਜਣ ਵੱਲੋਂ ਟਰੈਕਟਰ ਮਹਿੰਦਰਾ ਡਿਸਕਣ 265 ਕੀਤਾ ਭੇਟ
ਲੁਧਿਆਣਾ, 28 ਦਸੰਬਰ (ਪਹਿਰੇਦਾਰ ਬਿਊਰੋ)- ਗੁਰਦੁਆਰਾ ਸਿੰਘ ਸ਼ਹੀਦਾਂ ਵਿਖੇ ਇੱਕ ਦਾਨੀ ਸੱਜਣ ਵੱਲੋਂ ਮਹਿੰਦਰਾ 265 ਟਰੈਕਟਰ ਭੇਟ ਕੀਤਾ ਗਿਆ। ਇਸ ਮੌਕੇ ਗੁਰਦੁਆਰਾ ਪ੍ਰਬੰਧਕ ਕਮੇਟੀ ਦੇ ਮੈਂਬਰਾਂ ਨੇ ਦਾਨੀ ਸੱਜਣ ਦਾ ਧੰਨਵਾਦ ਕੀਤਾ ਅਤੇ ਸਿਰੋਪਾ ਭੇਟ ਕਰਕੇ ਸਨਮਾਨਿਤ ਕੀਤਾ। ਉਨ੍ਹਾਂ ਕਿਹਾ ਕਿ ਅਜਿਹੇ ਸੇਵਾ ਕਾਰਜ ਸਮਾਜ ਲਈ ਪ੍ਰੇਰਣਾ ਸਰੋਤ ਹਨ। ਇਸ ਮੌਕੇ ਸੰਗਤਾਂ ਨੇ ਵੱਡੀ ਗਿਣਤੀ ਵਿੱਚ ਹਾਜ਼ਰੀ ਭਰੀ ਅਤੇ ਗੁਰੂ ਘਰ ਦੀਆਂ ਖੁਸ਼ੀਆਂ ਪ੍ਰਾਪਤ ਕੀਤੀਆਂ। ਕਮੇਟੀ ਵੱਲੋਂ ਦੱਸਿਆ ਗਿਆ ਕਿ ਇਹ ਟਰੈਕਟਰ ਗੁਰਦੁਆਰਾ ਸਾਹਿਬ ਦੀ ਜ਼ਮੀਨ ਦੀ ਸਾਂਭ ਸੰਭਾਲ ਲਈ ਵਰਤਿਆ ਜਾਵੇਗਾ। ਇਸ ਮੌਕੇ ਭਾਈ ਗੁਰਮੀਤ ਸਿੰਘ, ਸ: ਹਰਜਿੰਦਰ ਸਿੰਘ, ਸ: ਬਲਵਿੰਦਰ ਸਿੰਘ ਅਤੇ ਹੋਰ ਪਤਵੰਤੇ ਹਾਜ਼ਰ ਸਨ।
Public Notice
It is hereby inform to the general public that we are going to mortgage a property I.e. House No. 324 E measuring 150 Sq. yards comprised in Khasra no 49/11 khata no 1084/1218 Village Sunet Hadbast no 159 Jamabandi 2011-12 at BRS Nagar Ludhiana. Now the properties is in the name of Hardip Kaur Palwa W/o Rashpal Singh vide Registered Deed No. 32902 and 22598 Dated 26/12/1990 were rectified by the order of Court. Any body in general public have any objection claim can trace the same within 7 days otherwise no claim will be entertained whatsoever.
Branch Manager
Punjab and Sind Bank BRS
Nagar Ludhiana
ਅਦਾਰਾ ਹੱਕ ਸੱਚ ਦਾ ਪਹਿਰੇਦਾਰ ਵੱਲੋਂ ਪਾਠਕਾਂ ਨੂੰ ਸੂਚਿਤ ਕੀਤਾ ਜਾਂਦਾ ਹੈ ਕਿ ਅਖਬਾਰ ਵਿੱਚ ਛਪਣ ਵਾਲੇ ਇਸ਼ਤਿਹਾਰਾਂ ਲਈ ਸੰਪਰਕ ਕਰੋ: 9464260535, 89459 64509 ਰੋਜ਼ਾਨਾ ਪਹਿਰੇਦਾਰ ਲੁਧਿਆਣਾ ਦਫ਼ਤਰ ਵਿਖੇ।
ਇਸ਼ਤਿਹਾਰ ਅਤੇ ਕਲਾਸੀਫਾਈਡ ਕੇਵਲ ਅਦਾਰਾ 'ਪਹਿਰੇਦਾਰ' ਦੀ ਈ-ਮੇਲ	rozanapehredaradvt@gmail.com	'ਤੇ ਹੀ ਭੇਜੇ ਜਾਣ।
